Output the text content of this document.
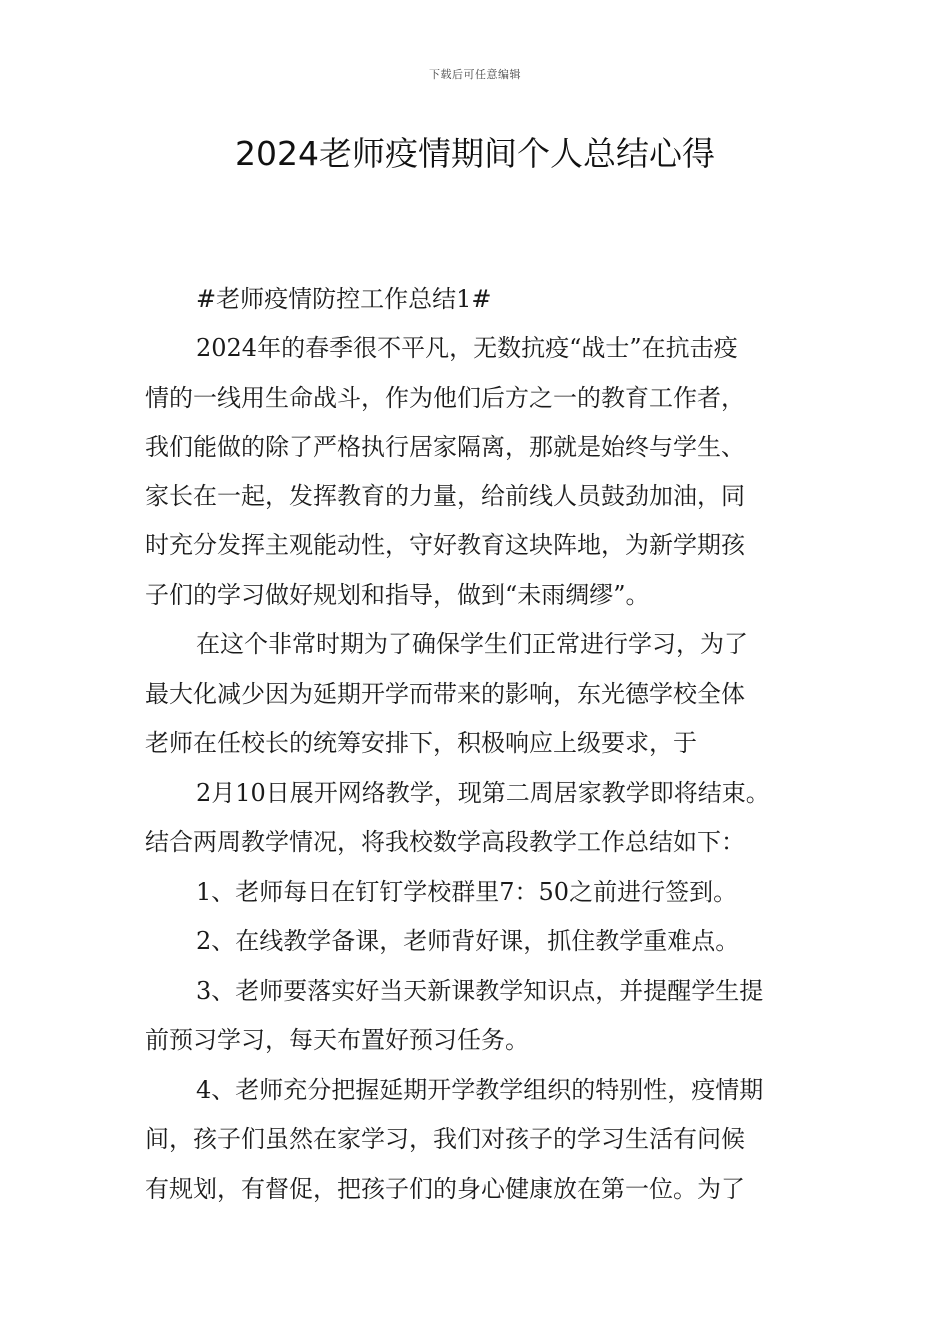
下载后可任意编辑
2024老师疫情期间个人总结心得
#老师疫情防控工作总结1#
2024年的春季很不平凡，无数抗疫“战士”在抗击疫
情的一线用生命战斗，作为他们后方之一的教育工作者，
我们能做的除了严格执行居家隔离，那就是始终与学生、
家长在一起，发挥教育的力量，给前线人员鼓劲加油，同
时充分发挥主观能动性，守好教育这块阵地，为新学期孩
子们的学习做好规划和指导，做到“未雨绸缪”。
在这个非常时期为了确保学生们正常进行学习，为了
最大化减少因为延期开学而带来的影响，东光德学校全体
老师在任校长的统筹安排下，积极响应上级要求，于
2月10日展开网络教学，现第二周居家教学即将结束。
结合两周教学情况，将我校数学高段教学工作总结如下：
1、老师每日在钉钉学校群里7：50之前进行签到。
2、在线教学备课，老师背好课，抓住教学重难点。
3、老师要落实好当天新课教学知识点，并提醒学生提
前预习学习，每天布置好预习任务。
4、老师充分把握延期开学教学组织的特别性，疫情期
间，孩子们虽然在家学习，我们对孩子的学习生活有问候
有规划，有督促，把孩子们的身心健康放在第一位。为了
